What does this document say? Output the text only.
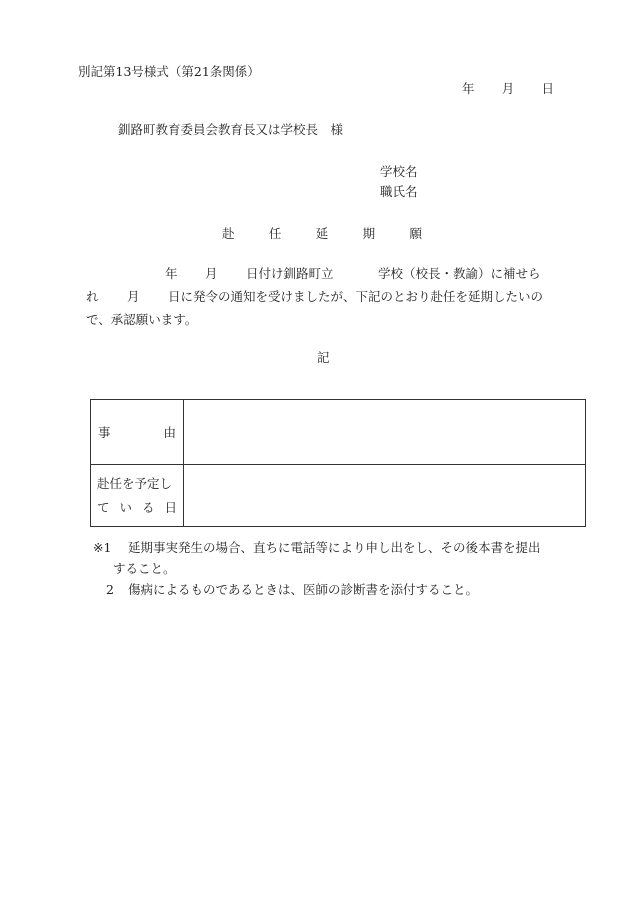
別記第13号様式（第21条関係）
年 月 日
釧路町教育委員会教育長又は学校長　様
学校名
職氏名
赴	任	延	期	願
年 月 日付け釧路町立	学校（校長・教諭）に補せら
れ 月 日に発令の通知を受けましたが、下記のとおり赴任を延期したいの
で、承認願います。
記
事 由	

赴任を予定し
て い る 日	

※1 延期事実発生の場合、直ちに電話等により申し出をし、その後本書を提出
すること。
2 傷病によるものであるときは、医師の診断書を添付すること。
